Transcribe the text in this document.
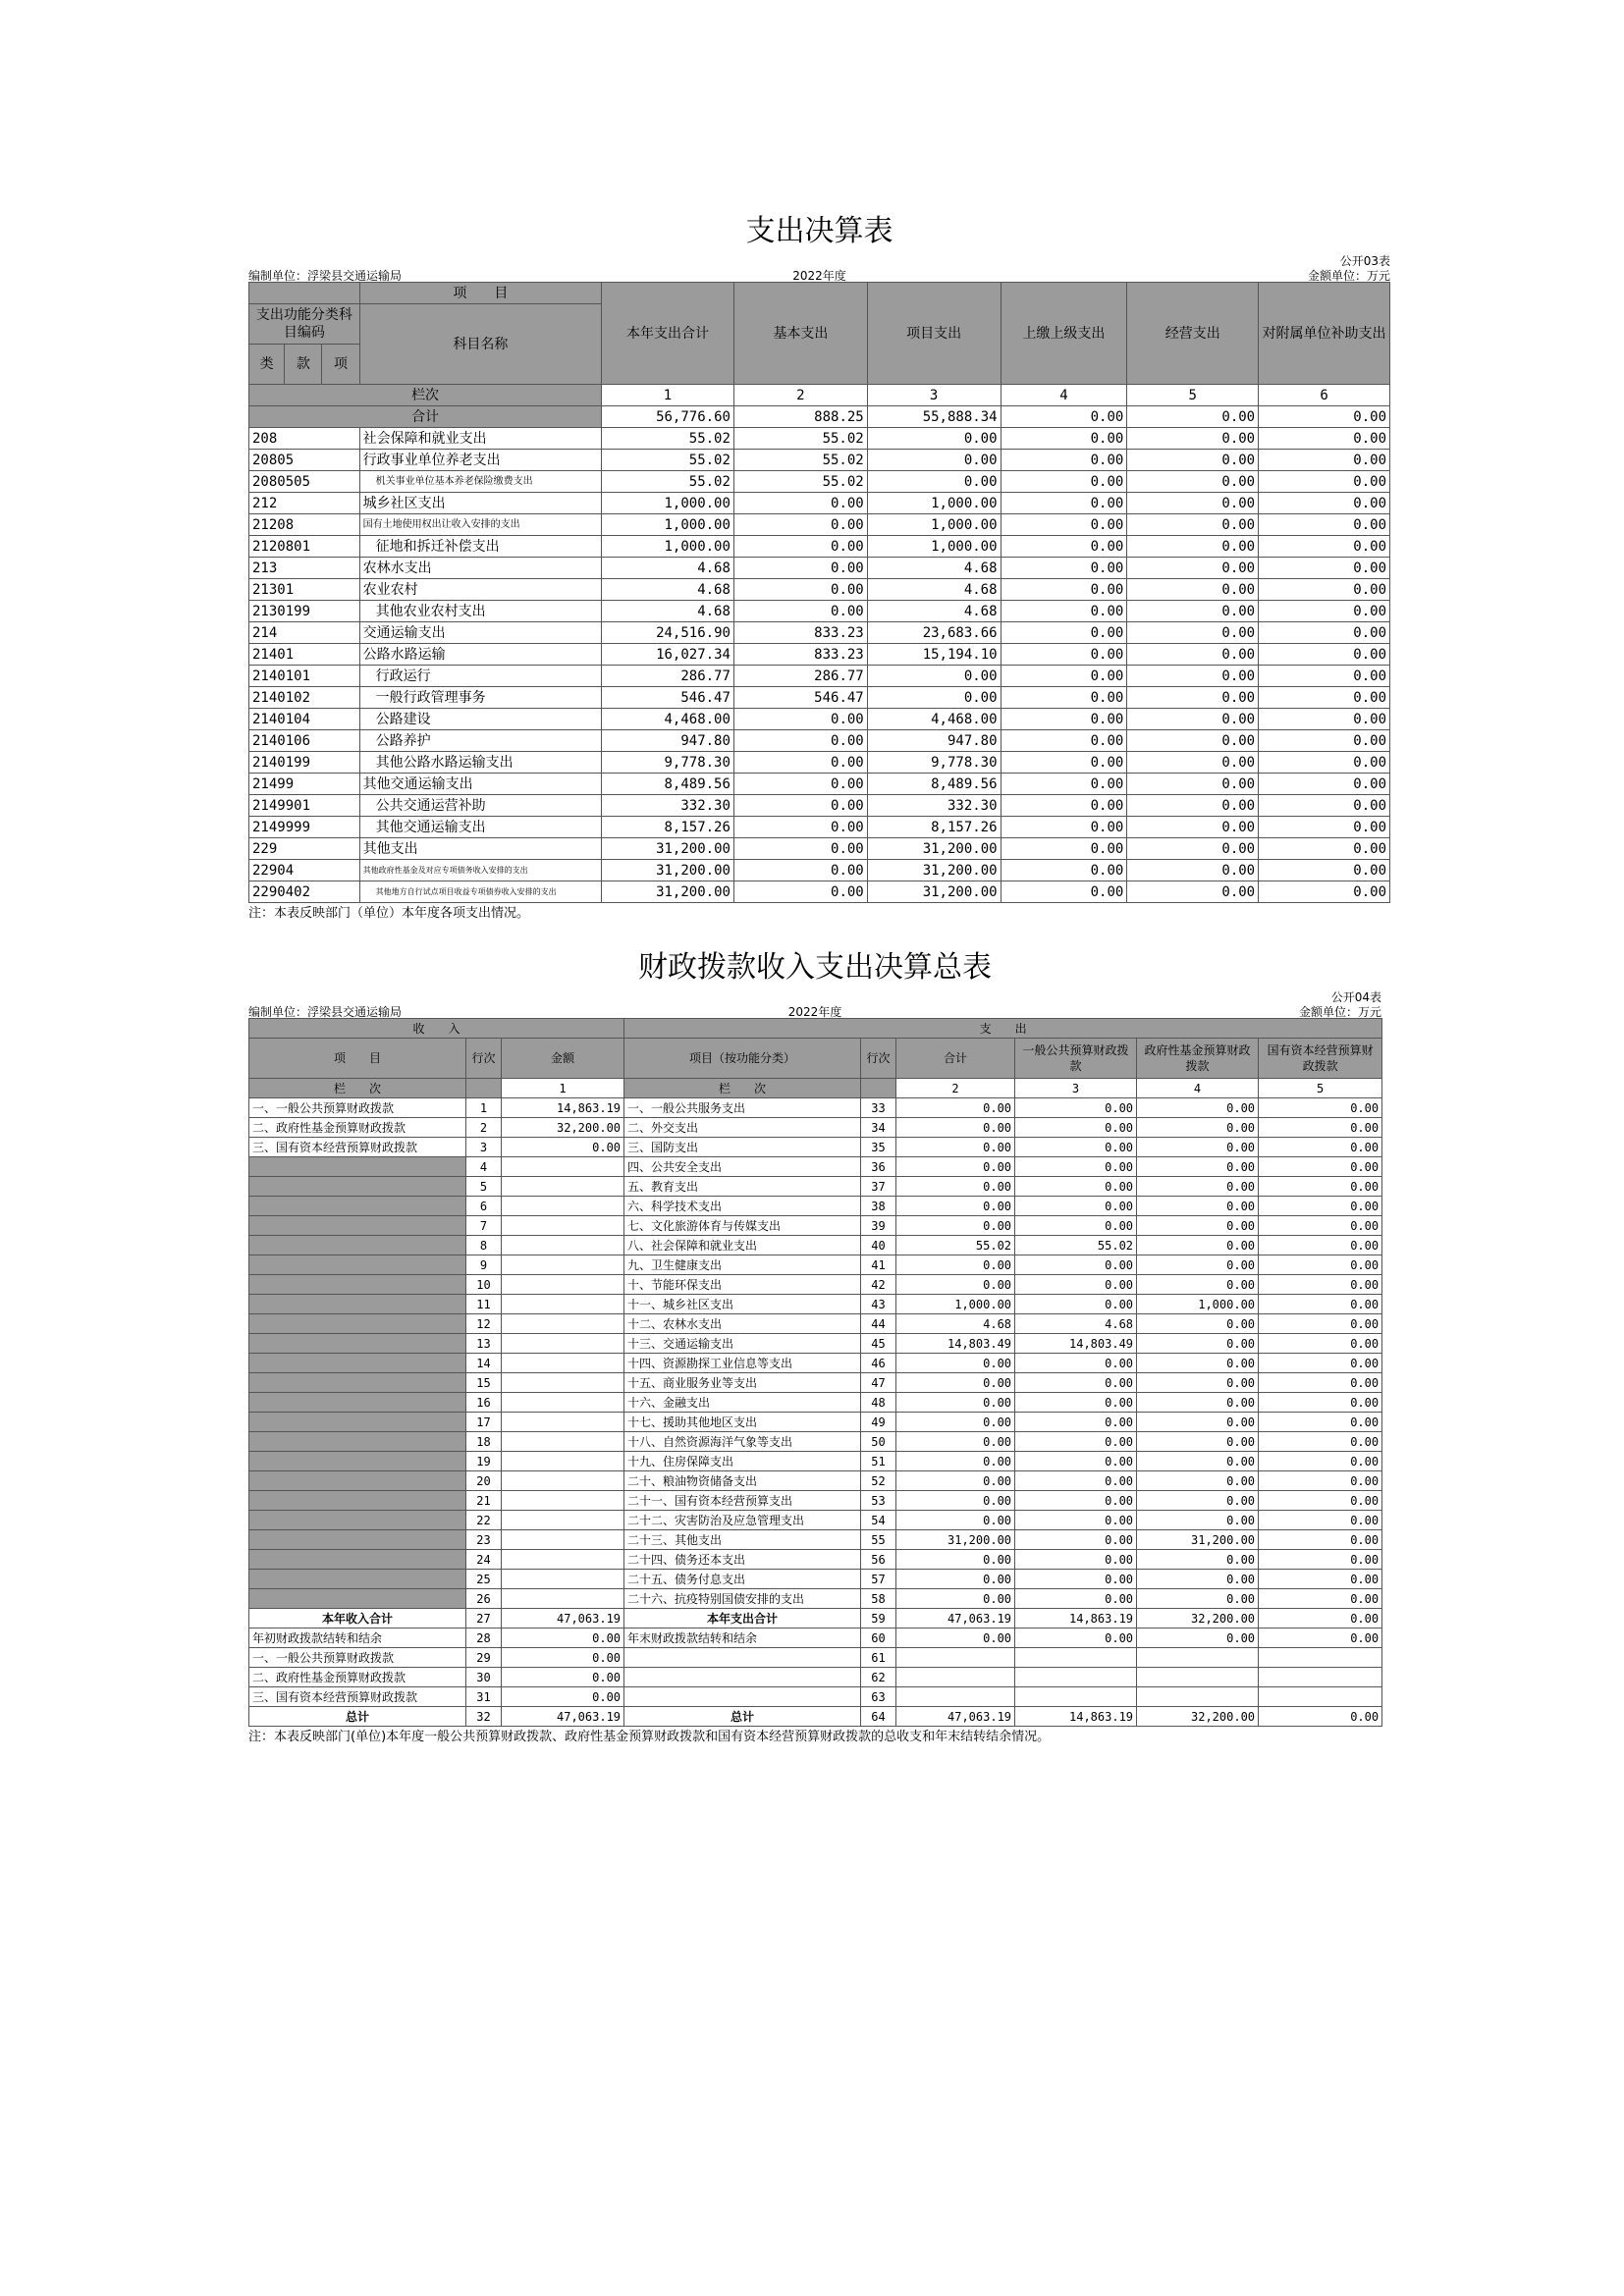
支出决算表
公开03表
编制单位：浮梁县交通运输局	2022年度	金额单位：万元
			项　　目	本年支出合计	基本支出	项目支出	上缴上级支出	经营支出	对附属单位补助支出
支出功能分类科目编码			科目名称						
类	款	项							
栏次				1	2	3	4	5	6
合计				56,776.60	888.25	55,888.34	0.00	0.00	0.00
208			社会保障和就业支出	55.02	55.02	0.00	0.00	0.00	0.00
20805			行政事业单位养老支出	55.02	55.02	0.00	0.00	0.00	0.00
2080505			机关事业单位基本养老保险缴费支出	55.02	55.02	0.00	0.00	0.00	0.00
212			城乡社区支出	1,000.00	0.00	1,000.00	0.00	0.00	0.00
21208			国有土地使用权出让收入安排的支出	1,000.00	0.00	1,000.00	0.00	0.00	0.00
2120801			征地和拆迁补偿支出	1,000.00	0.00	1,000.00	0.00	0.00	0.00
213			农林水支出	4.68	0.00	4.68	0.00	0.00	0.00
21301			农业农村	4.68	0.00	4.68	0.00	0.00	0.00
2130199			其他农业农村支出	4.68	0.00	4.68	0.00	0.00	0.00
214			交通运输支出	24,516.90	833.23	23,683.66	0.00	0.00	0.00
21401			公路水路运输	16,027.34	833.23	15,194.10	0.00	0.00	0.00
2140101			行政运行	286.77	286.77	0.00	0.00	0.00	0.00
2140102			一般行政管理事务	546.47	546.47	0.00	0.00	0.00	0.00
2140104			公路建设	4,468.00	0.00	4,468.00	0.00	0.00	0.00
2140106			公路养护	947.80	0.00	947.80	0.00	0.00	0.00
2140199			其他公路水路运输支出	9,778.30	0.00	9,778.30	0.00	0.00	0.00
21499			其他交通运输支出	8,489.56	0.00	8,489.56	0.00	0.00	0.00
2149901			公共交通运营补助	332.30	0.00	332.30	0.00	0.00	0.00
2149999			其他交通运输支出	8,157.26	0.00	8,157.26	0.00	0.00	0.00
229			其他支出	31,200.00	0.00	31,200.00	0.00	0.00	0.00
22904			其他政府性基金及对应专项债务收入安排的支出	31,200.00	0.00	31,200.00	0.00	0.00	0.00
2290402			其他地方自行试点项目收益专项债券收入安排的支出	31,200.00	0.00	31,200.00	0.00	0.00	0.00
注：本表反映部门（单位）本年度各项支出情况。
财政拨款收入支出决算总表
公开04表
编制单位：浮梁县交通运输局	2022年度	金额单位：万元
收　　入			支　　出					
项　　目	行次	金额	项目（按功能分类）	行次	合计	一般公共预算财政拨款	政府性基金预算财政拨款	国有资本经营预算财政拨款
栏　　次		1	栏　　次		2	3	4	5
一、一般公共预算财政拨款	1	14,863.19	一、一般公共服务支出	33	0.00	0.00	0.00	0.00
二、政府性基金预算财政拨款	2	32,200.00	二、外交支出	34	0.00	0.00	0.00	0.00
三、国有资本经营预算财政拨款	3	0.00	三、国防支出	35	0.00	0.00	0.00	0.00
	4		四、公共安全支出	36	0.00	0.00	0.00	0.00
	5		五、教育支出	37	0.00	0.00	0.00	0.00
	6		六、科学技术支出	38	0.00	0.00	0.00	0.00
	7		七、文化旅游体育与传媒支出	39	0.00	0.00	0.00	0.00
	8		八、社会保障和就业支出	40	55.02	55.02	0.00	0.00
	9		九、卫生健康支出	41	0.00	0.00	0.00	0.00
	10		十、节能环保支出	42	0.00	0.00	0.00	0.00
	11		十一、城乡社区支出	43	1,000.00	0.00	1,000.00	0.00
	12		十二、农林水支出	44	4.68	4.68	0.00	0.00
	13		十三、交通运输支出	45	14,803.49	14,803.49	0.00	0.00
	14		十四、资源勘探工业信息等支出	46	0.00	0.00	0.00	0.00
	15		十五、商业服务业等支出	47	0.00	0.00	0.00	0.00
	16		十六、金融支出	48	0.00	0.00	0.00	0.00
	17		十七、援助其他地区支出	49	0.00	0.00	0.00	0.00
	18		十八、自然资源海洋气象等支出	50	0.00	0.00	0.00	0.00
	19		十九、住房保障支出	51	0.00	0.00	0.00	0.00
	20		二十、粮油物资储备支出	52	0.00	0.00	0.00	0.00
	21		二十一、国有资本经营预算支出	53	0.00	0.00	0.00	0.00
	22		二十二、灾害防治及应急管理支出	54	0.00	0.00	0.00	0.00
	23		二十三、其他支出	55	31,200.00	0.00	31,200.00	0.00
	24		二十四、债务还本支出	56	0.00	0.00	0.00	0.00
	25		二十五、债务付息支出	57	0.00	0.00	0.00	0.00
	26		二十六、抗疫特别国债安排的支出	58	0.00	0.00	0.00	0.00
本年收入合计	27	47,063.19	本年支出合计	59	47,063.19	14,863.19	32,200.00	0.00
年初财政拨款结转和结余	28	0.00	年末财政拨款结转和结余	60	0.00	0.00	0.00	0.00
一、一般公共预算财政拨款	29	0.00		61				
二、政府性基金预算财政拨款	30	0.00		62				
三、国有资本经营预算财政拨款	31	0.00		63				
总计	32	47,063.19	总计	64	47,063.19	14,863.19	32,200.00	0.00
注：本表反映部门(单位)本年度一般公共预算财政拨款、政府性基金预算财政拨款和国有资本经营预算财政拨款的总收支和年末结转结余情况。
